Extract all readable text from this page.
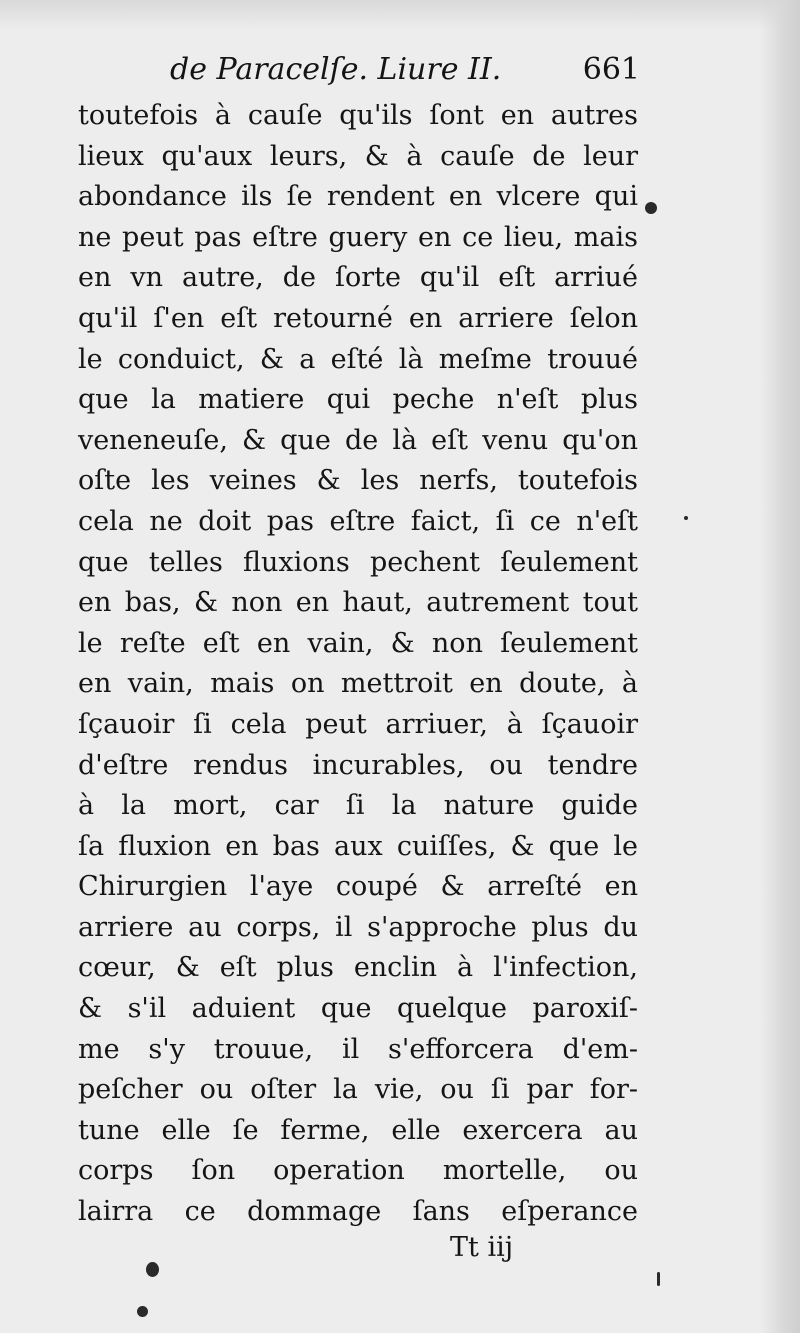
de Paracelſe. Liure II.	661
toutefois à cauſe qu'ils ſont en autres
lieux qu'aux leurs, & à cauſe de leur
abondance ils ſe rendent en vlcere qui
ne peut pas eſtre guery en ce lieu, mais
en vn autre, de ſorte qu'il eſt arriué
qu'il ſ'en eſt retourné en arriere ſelon
le conduict, & a eſté là meſme trouué
que la matiere qui peche n'eſt plus
veneneuſe, & que de là eſt venu qu'on
oſte les veines & les nerfs, toutefois
cela ne doit pas eſtre faict, ſi ce n'eſt
que telles fluxions pechent ſeulement
en bas, & non en haut, autrement tout
le reſte eſt en vain, & non ſeulement
en vain, mais on mettroit en doute, à
ſçauoir ſi cela peut arriuer, à ſçauoir
d'eſtre rendus incurables, ou tendre
à la mort, car ſi la nature guide
ſa fluxion en bas aux cuiſſes, & que le
Chirurgien l'aye coupé & arreſté en
arriere au corps, il s'approche plus du
cœur, & eſt plus enclin à l'infection,
& s'il aduient que quelque paroxiſ-
me s'y trouue, il s'efforcera d'em-
peſcher ou oſter la vie, ou ſi par for-
tune elle ſe ferme, elle exercera au
corps ſon operation mortelle, ou
lairra ce dommage ſans eſperance
Tt iij
